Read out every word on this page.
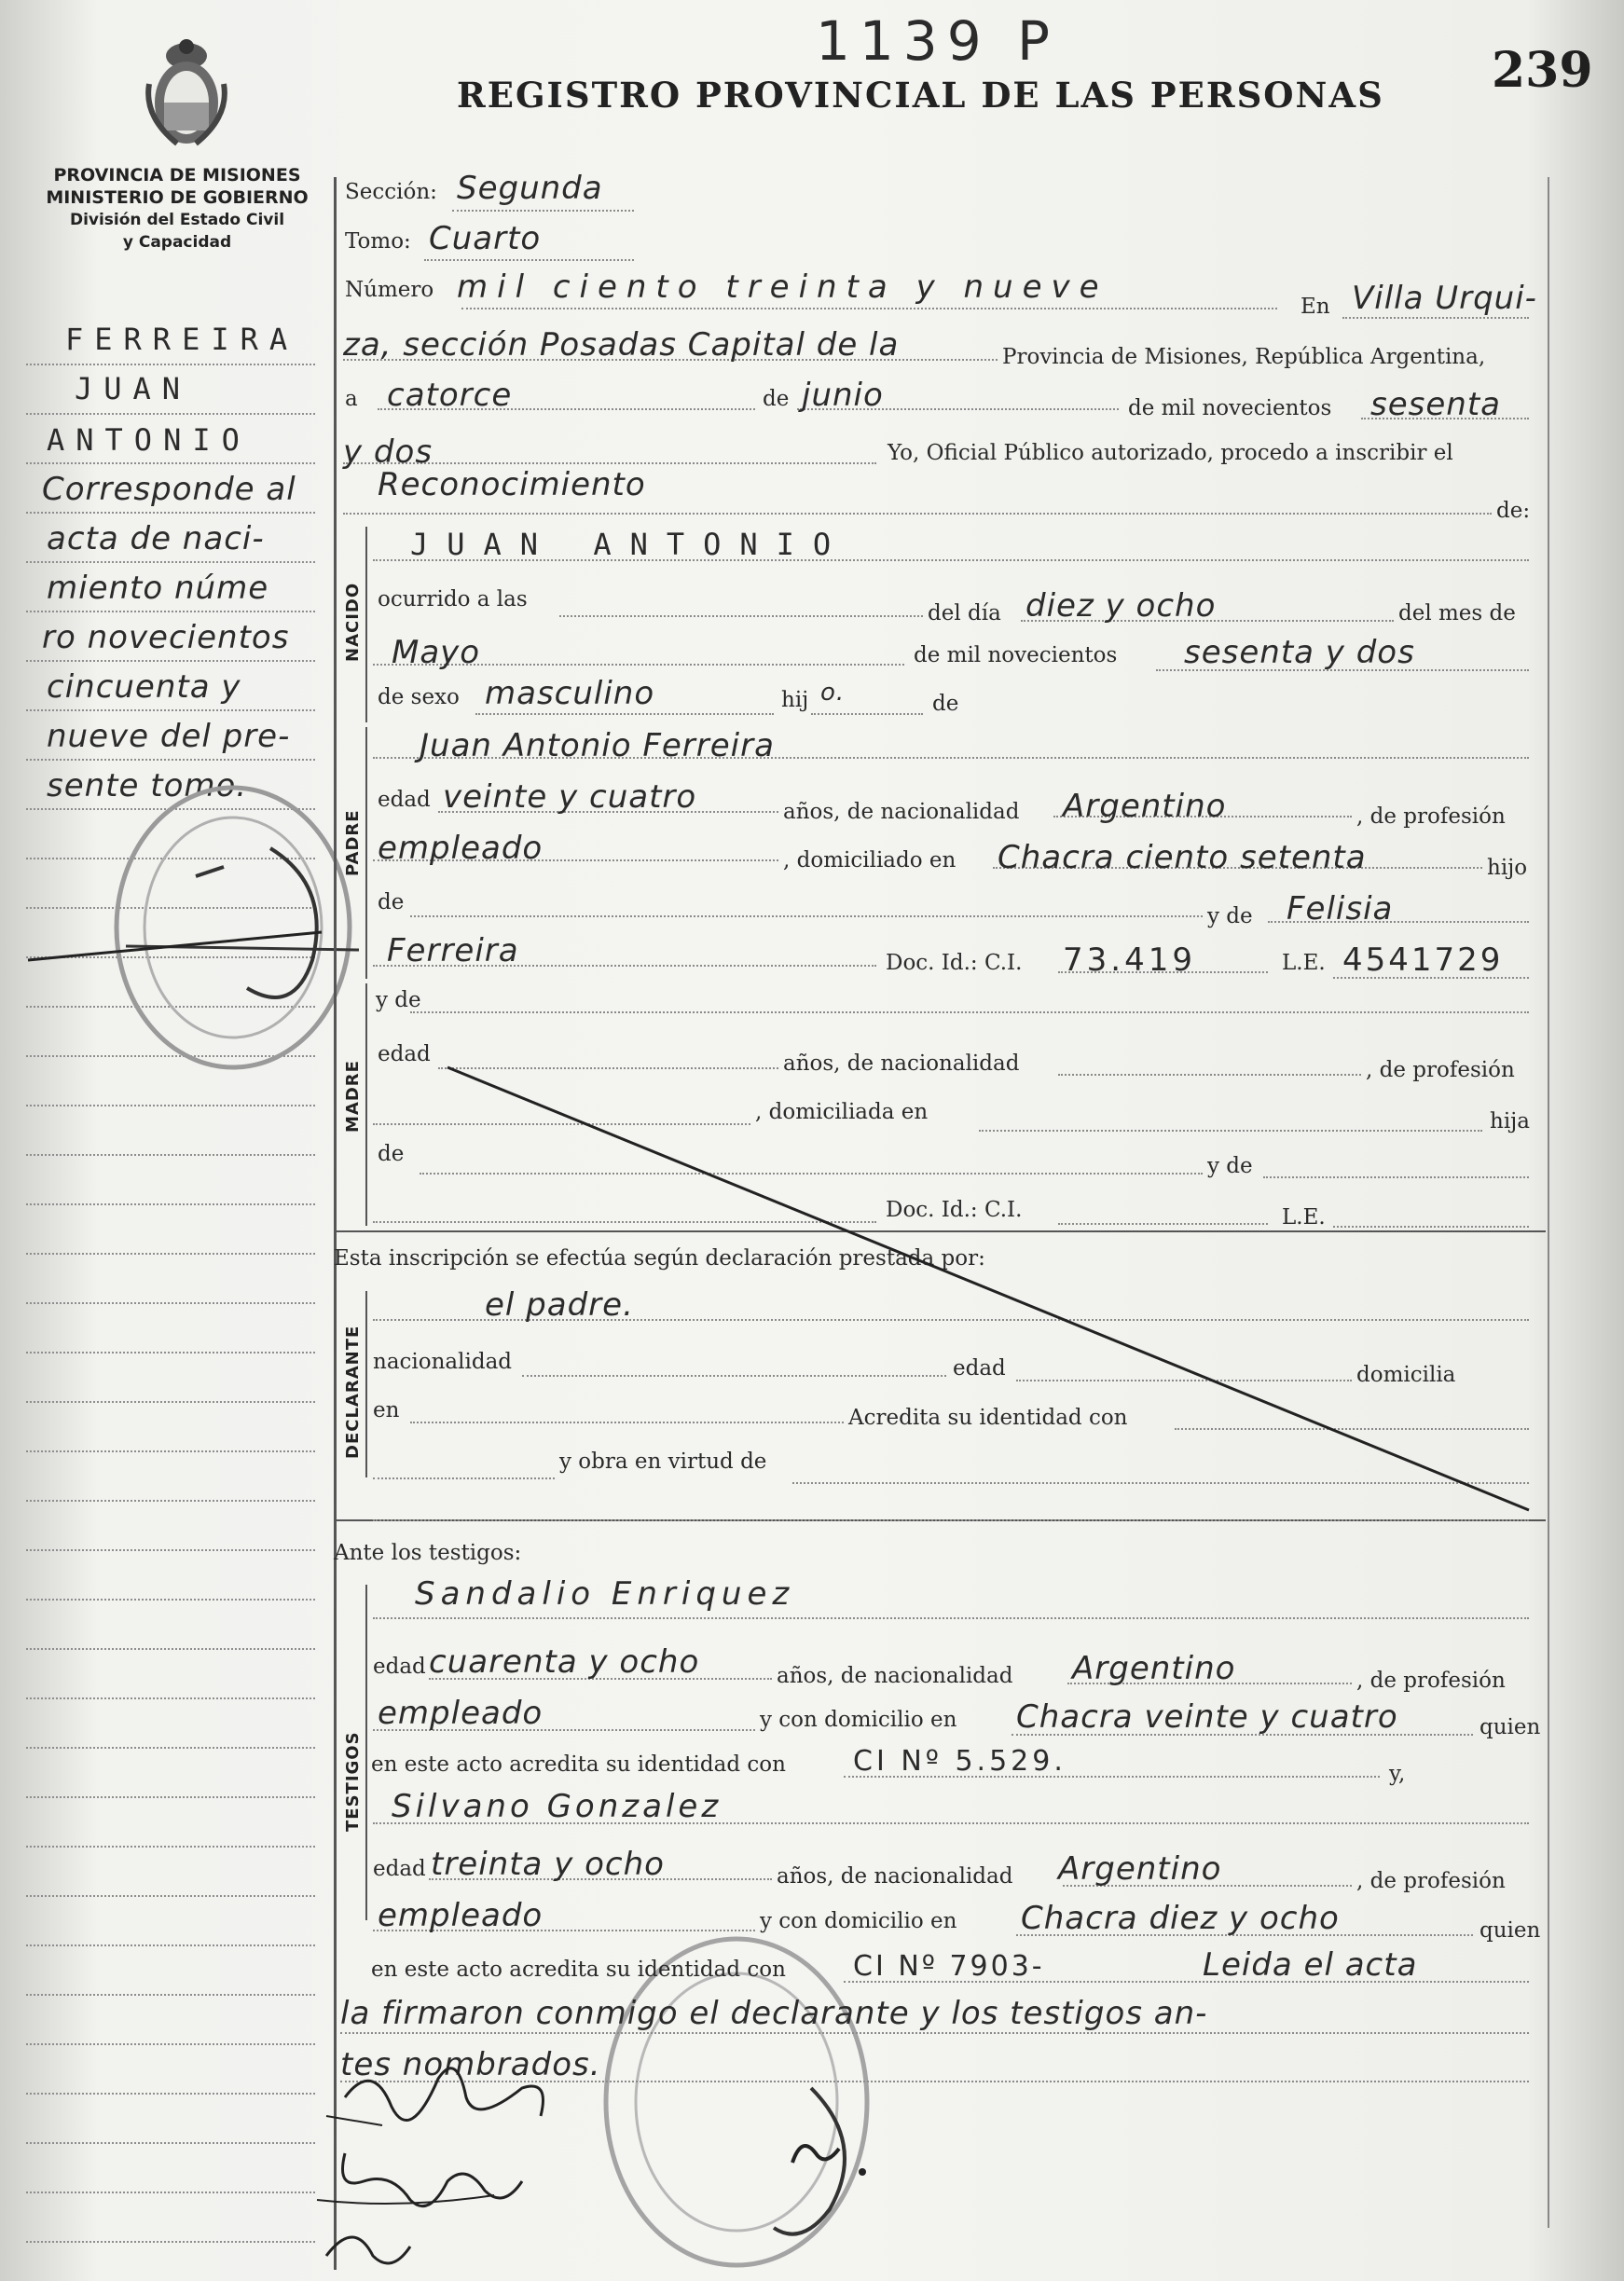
1139 P
REGISTRO PROVINCIAL DE LAS PERSONAS 239
PROVINCIA DE MISIONES
MINISTERIO DE GOBIERNO
División del Estado Civil
y Capacidad
FERREIRA
JUAN
ANTONIO
Corresponde al
acta de naci-
miento núme
ro novecientos
cincuenta y
nueve del pre-
sente tomo.
NACIDO
PADRE
MADRE
DECLARANTE
TESTIGOS
Sección: Segunda
Tomo: Cuarto
Número mil ciento treinta y nueve
En Villa Urqui-
za, sección Posadas Capital de la	Provincia de Misiones, República Argentina,
a catorce	de junio	de mil novecientos sesenta
y dos	Yo, Oficial Público autorizado, procedo a inscribir el
Reconocimiento
de:
JUAN ANTONIO
ocurrido a las
del día diez y ocho	del mes de
Mayo	de mil novecientos sesenta y dos
de sexo masculino	hij o.	de
Juan Antonio Ferreira
edad veinte y cuatro	años, de nacionalidad Argentino	, de profesión
empleado	, domiciliado en Chacra ciento setenta	hijo
de
y de Felisia
Ferreira	Doc. Id.: C.I. 73.419	L.E. 4541729
y de
edad	años, de nacionalidad	, de profesión
, domiciliada en	hija
de	y de
Doc. Id.: C.I.	L.E.
Esta inscripción se efectúa según declaración prestada por:
el padre.
nacionalidad	edad	domicilia
en	Acredita su identidad con
y obra en virtud de
Ante los testigos:
Sandalio Enriquez
edad cuarenta y ocho	años, de nacionalidad Argentino	, de profesión
empleado	y con domicilio en Chacra veinte y cuatro	quien
en este acto acredita su identidad con CI Nº 5.529.	y,
Silvano Gonzalez
edad treinta y ocho	años, de nacionalidad Argentino	, de profesión
empleado	y con domicilio en Chacra diez y ocho	quien
en este acto acredita su identidad con CI Nº 7903-	Leida el acta
la firmaron conmigo el declarante y los testigos an-
tes nombrados.
